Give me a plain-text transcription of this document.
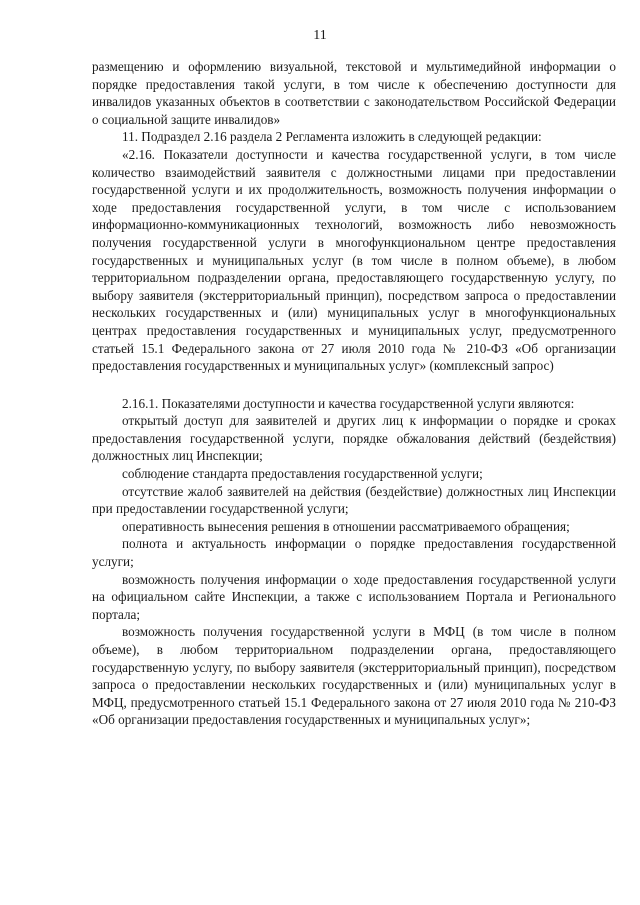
11

размещению и оформлению визуальной, текстовой и мультимедийной информации о порядке предоставления такой услуги, в том числе к обеспечению доступности для инвалидов указанных объектов в соответствии с законодательством Российской Федерации о социальной защите инвалидов»

11. Подраздел 2.16 раздела 2 Регламента изложить в следующей редакции:

«2.16. Показатели доступности и качества государственной услуги, в том числе количество взаимодействий заявителя с должностными лицами при предоставлении государственной услуги и их продолжительность, возможность получения информации о ходе предоставления государственной услуги, в том числе с использованием информационно-коммуникационных технологий, возможность либо невозможность получения государственной услуги в многофункциональном центре предоставления государственных и муниципальных услуг (в том числе в полном объеме), в любом территориальном подразделении органа, предоставляющего государственную услугу, по выбору заявителя (экстерриториальный принцип), посредством запроса о предоставлении нескольких государственных и (или) муниципальных услуг в многофункциональных центрах предоставления государственных и муниципальных услуг, предусмотренного статьей 15.1 Федерального закона от 27 июля 2010 года № 210-ФЗ «Об организации предоставления государственных и муниципальных услуг» (комплексный запрос)

2.16.1. Показателями доступности и качества государственной услуги являются:

открытый доступ для заявителей и других лиц к информации о порядке и сроках предоставления государственной услуги, порядке обжалования действий (бездействия) должностных лиц Инспекции;

соблюдение стандарта предоставления государственной услуги;

отсутствие жалоб заявителей на действия (бездействие) должностных лиц Инспекции при предоставлении государственной услуги;

оперативность вынесения решения в отношении рассматриваемого обращения;

полнота и актуальность информации о порядке предоставления государственной услуги;

возможность получения информации о ходе предоставления государственной услуги на официальном сайте Инспекции, а также с использованием Портала и Регионального портала;

возможность получения государственной услуги в МФЦ (в том числе в полном объеме), в любом территориальном подразделении органа, предоставляющего государственную услугу, по выбору заявителя (экстерриториальный принцип), посредством запроса о предоставлении нескольких государственных и (или) муниципальных услуг в МФЦ, предусмотренного статьей 15.1 Федерального закона от 27 июля 2010 года № 210-ФЗ «Об организации предоставления государственных и муниципальных услуг»;
